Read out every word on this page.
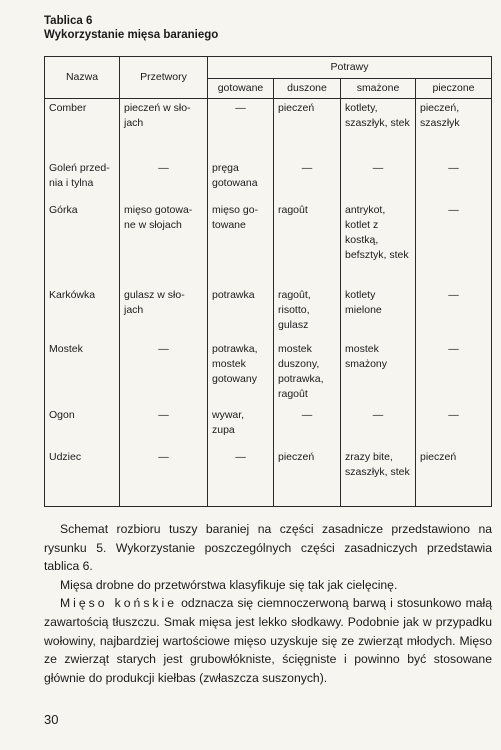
Tablica 6
Wykorzystanie mięsa baraniego
Nazwa	Przetwory	Potrawy			
		gotowane	duszone	smażone	pieczone
Comber	pieczeń w sło-jach	—	pieczeń	kotlety, szaszłyk, stek	pieczeń, szaszłyk
Goleń przed-nia i tylna	—	pręga gotowana	—	—	—

Górka	mięso gotowa-ne w słojach	mięso go-towane	ragoût	antrykot, kotlet z kostką, befsztyk, stek	—

Karkówka	gulasz w sło-jach	potrawka	ragoût, risotto, gulasz	kotlety mielone	—

Mostek	—	potrawka, mostek gotowany	mostek duszony, potrawka, ragoût	mostek smażony	—

Ogon	—	wywar, zupa	—	—	—

Udziec	—	—	pieczeń	zrazy bite, szaszłyk, stek	pieczeń

Schemat rozbioru tuszy baraniej na części zasadnicze przedstawiono na rysunku 5. Wykorzystanie poszczególnych części zasadniczych przedstawia tablica 6.

Mięsa drobne do przetwórstwa klasyfikuje się tak jak cielęcinę.

Mięso końskie odznacza się ciemnoczerwoną barwą i stosunkowo małą zawartością tłuszczu. Smak mięsa jest lekko słodkawy. Podobnie jak w przypadku wołowiny, najbardziej wartościowe mięso uzyskuje się ze zwierząt młodych. Mięso ze zwierząt starych jest grubowłókniste, ścięgniste i powinno być stosowane głównie do produkcji kiełbas (zwłaszcza suszonych).

30
